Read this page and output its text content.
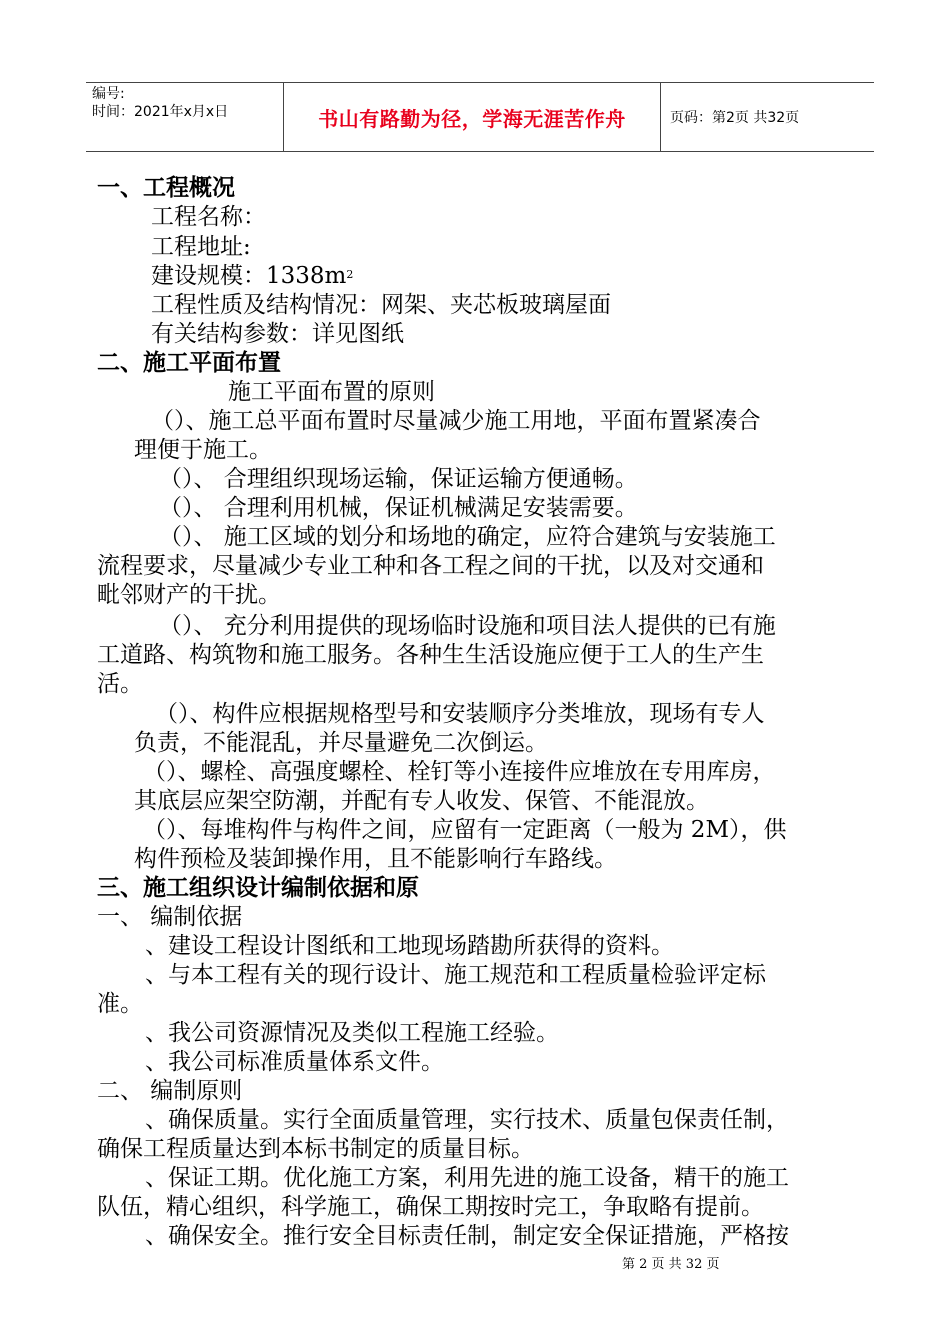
编号:
时间：2021年x月x日	书山有路勤为径，学海无涯苦作舟	页码：第2页 共32页
一、工程概况
工程名称：
工程地址:
建设规模：$1338m^2$
工程性质及结构情况：网架、夹芯板玻璃屋面
有关结构参数：详见图纸
二、施工平面布置
施工平面布置的原则
（）、施工总平面布置时尽量减少施工用地，平面布置紧凑合
理便于施工。
（）、 合理组织现场运输，保证运输方便通畅。
（）、 合理利用机械，保证机械满足安装需要。
（）、 施工区域的划分和场地的确定，应符合建筑与安装施工
流程要求，尽量减少专业工种和各工程之间的干扰，以及对交通和
毗邻财产的干扰。
（）、 充分利用提供的现场临时设施和项目法人提供的已有施
工道路、构筑物和施工服务。各种生生活设施应便于工人的生产生
活。
（）、构件应根据规格型号和安装顺序分类堆放，现场有专人
负责，不能混乱，并尽量避免二次倒运。
（）、螺栓、高强度螺栓、栓钉等小连接件应堆放在专用库房，
其底层应架空防潮，并配有专人收发、保管、不能混放。
（）、每堆构件与构件之间，应留有一定距离（一般为 2M），供
构件预检及装卸操作用，且不能影响行车路线。
三、施工组织设计编制依据和原
一、 编制依据
、建设工程设计图纸和工地现场踏勘所获得的资料。
、与本工程有关的现行设计、施工规范和工程质量检验评定标
准。
、我公司资源情况及类似工程施工经验。
、我公司标准质量体系文件。
二、 编制原则
、确保质量。实行全面质量管理，实行技术、质量包保责任制，
确保工程质量达到本标书制定的质量目标。
、保证工期。优化施工方案，利用先进的施工设备，精干的施工
队伍，精心组织，科学施工，确保工期按时完工，争取略有提前。
、确保安全。推行安全目标责任制，制定安全保证措施，严格按
第 2 页 共 32 页
